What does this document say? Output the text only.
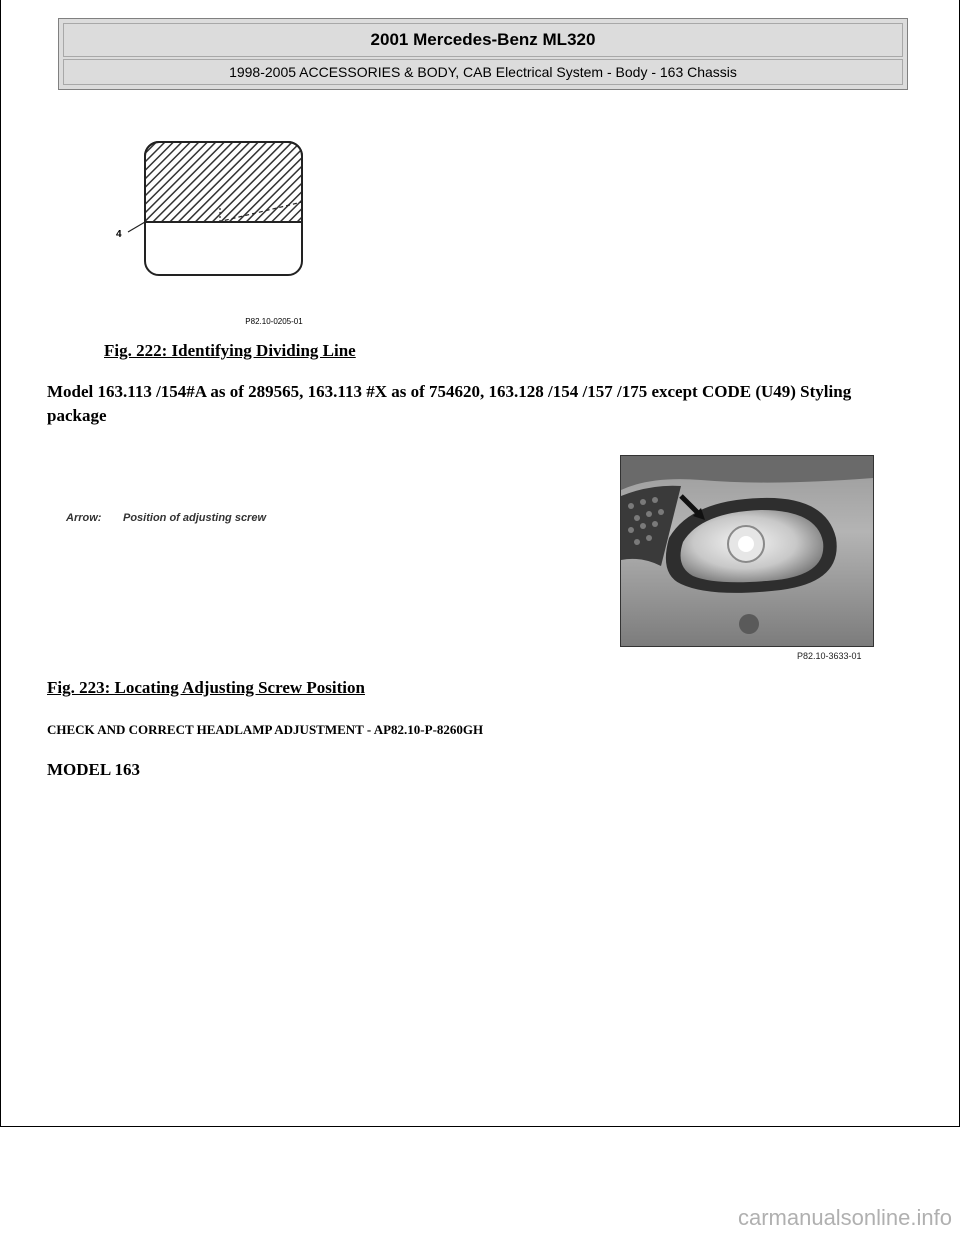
2001 Mercedes-Benz ML320
1998-2005 ACCESSORIES & BODY, CAB Electrical System - Body - 163 Chassis
4
P82.10-0205-01
Fig. 222: Identifying Dividing Line
Model 163.113 /154#A as of 289565, 163.113 #X as of 754620, 163.128 /154 /157 /175 except CODE (U49) Styling package
Arrow: Position of adjusting screw
P82.10-3633-01
Fig. 223: Locating Adjusting Screw Position
CHECK AND CORRECT HEADLAMP ADJUSTMENT - AP82.10-P-8260GH
MODEL 163
carmanualsonline.info
